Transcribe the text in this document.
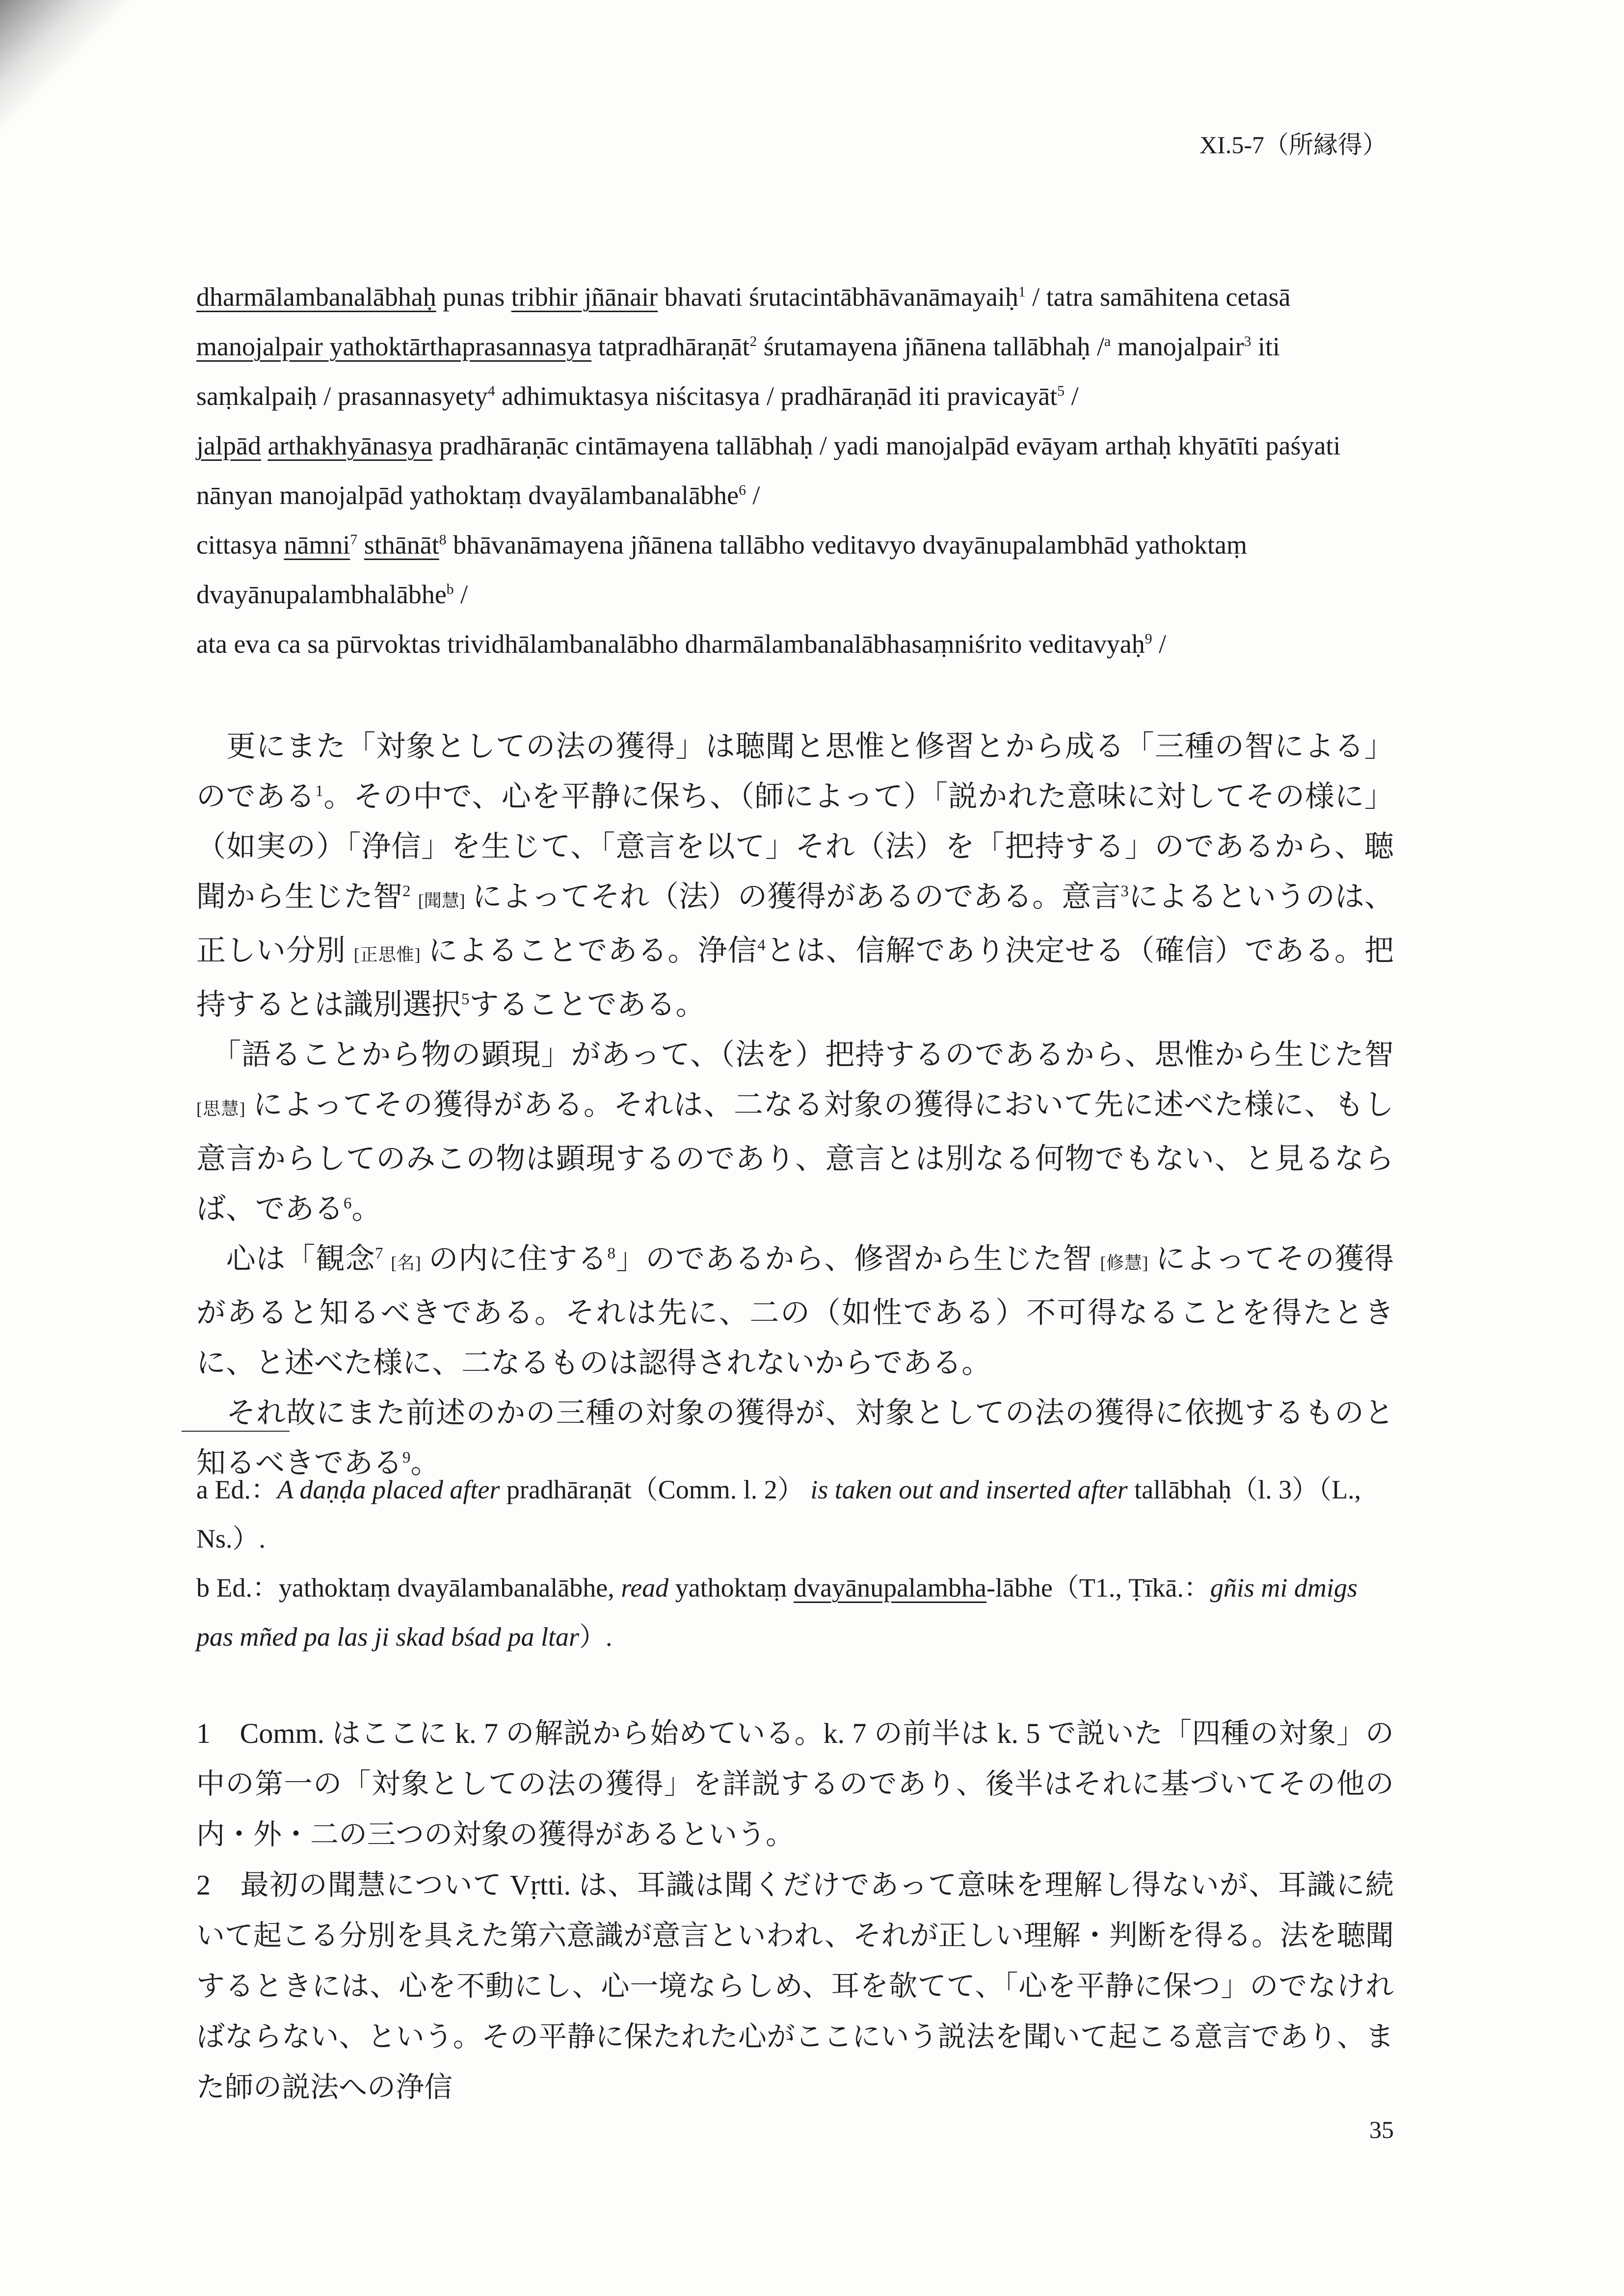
XI.5-7（所縁得）

dharmālambanalābhaḥ punas tribhir jñānair bhavati śrutacintābhāvanāmayaiḥ$^1$ / tatra samāhitena cetasā

manojalpair yathoktārthaprasannasya tatpradhāraṇāt$^2$ śrutamayena jñānena tallābhaḥ /$^a$ manojalpair$^3$ iti

saṃkalpaiḥ / prasannasyety$^4$ adhimuktasya niścitasya / pradhāraṇād iti pravicayāt$^5$ /

jalpād arthakhyānasya pradhāraṇāc cintāmayena tallābhaḥ / yadi manojalpād evāyam arthaḥ khyātīti paśyati

nānyan manojalpād yathoktaṃ dvayālambanalābhe$^6$ /

cittasya nāmni$^7$ sthānāt$^8$ bhāvanāmayena jñānena tallābho veditavyo dvayānupalambhād yathoktaṃ

dvayānupalambhalābhe$^b$ /

ata eva ca sa pūrvoktas trividhālambanalābho dharmālambanalābhasaṃniśrito veditavyaḥ$^9$ /

　更にまた「対象としての法の獲得」は聴聞と思惟と修習とから成る「三種の智による」のである$^1$。その中で、心を平静に保ち、（師によって）「説かれた意味に対してその様に」（如実の）「浄信」を生じて、「意言を以て」それ（法）を「把持する」のであるから、聴聞から生じた智$^2$ [聞慧] によってそれ（法）の獲得があるのである。意言$^3$によるというのは、正しい分別 [正思惟] によることである。浄信$^4$とは、信解であり決定せる（確信）である。把持するとは識別選択$^5$することである。

　「語ることから物の顕現」があって、（法を）把持するのであるから、思惟から生じた智 [思慧] によってその獲得がある。それは、二なる対象の獲得において先に述べた様に、もし意言からしてのみこの物は顕現するのであり、意言とは別なる何物でもない、と見るならば、である$^6$。

　心は「観念$^7$ [名] の内に住する$^8$」のであるから、修習から生じた智 [修慧] によってその獲得があると知るべきである。それは先に、二の（如性である）不可得なることを得たときに、と述べた様に、二なるものは認得されないからである。

　それ故にまた前述のかの三種の対象の獲得が、対象としての法の獲得に依拠するものと知るべきである$^9$。

a Ed.：A daṇḍa placed after pradhāraṇāt（Comm. l. 2） is taken out and inserted after tallābhaḥ（l. 3）（L., Ns.）.

b Ed.：yathoktaṃ dvayālambanalābhe, read yathoktaṃ dvayānupalambha-lābhe（T1., Ṭīkā.：gñis mi dmigs pas mñed pa las ji skad bśad pa ltar）.

1　Comm. はここに k. 7 の解説から始めている。k. 7 の前半は k. 5 で説いた「四種の対象」の中の第一の「対象としての法の獲得」を詳説するのであり、後半はそれに基づいてその他の内・外・二の三つの対象の獲得があるという。

2　最初の聞慧について Vṛtti. は、耳識は聞くだけであって意味を理解し得ないが、耳識に続いて起こる分別を具えた第六意識が意言といわれ、それが正しい理解・判断を得る。法を聴聞するときには、心を不動にし、心一境ならしめ、耳を欹てて、「心を平静に保つ」のでなければならない、という。その平静に保たれた心がここにいう説法を聞いて起こる意言であり、また師の説法への浄信

35
